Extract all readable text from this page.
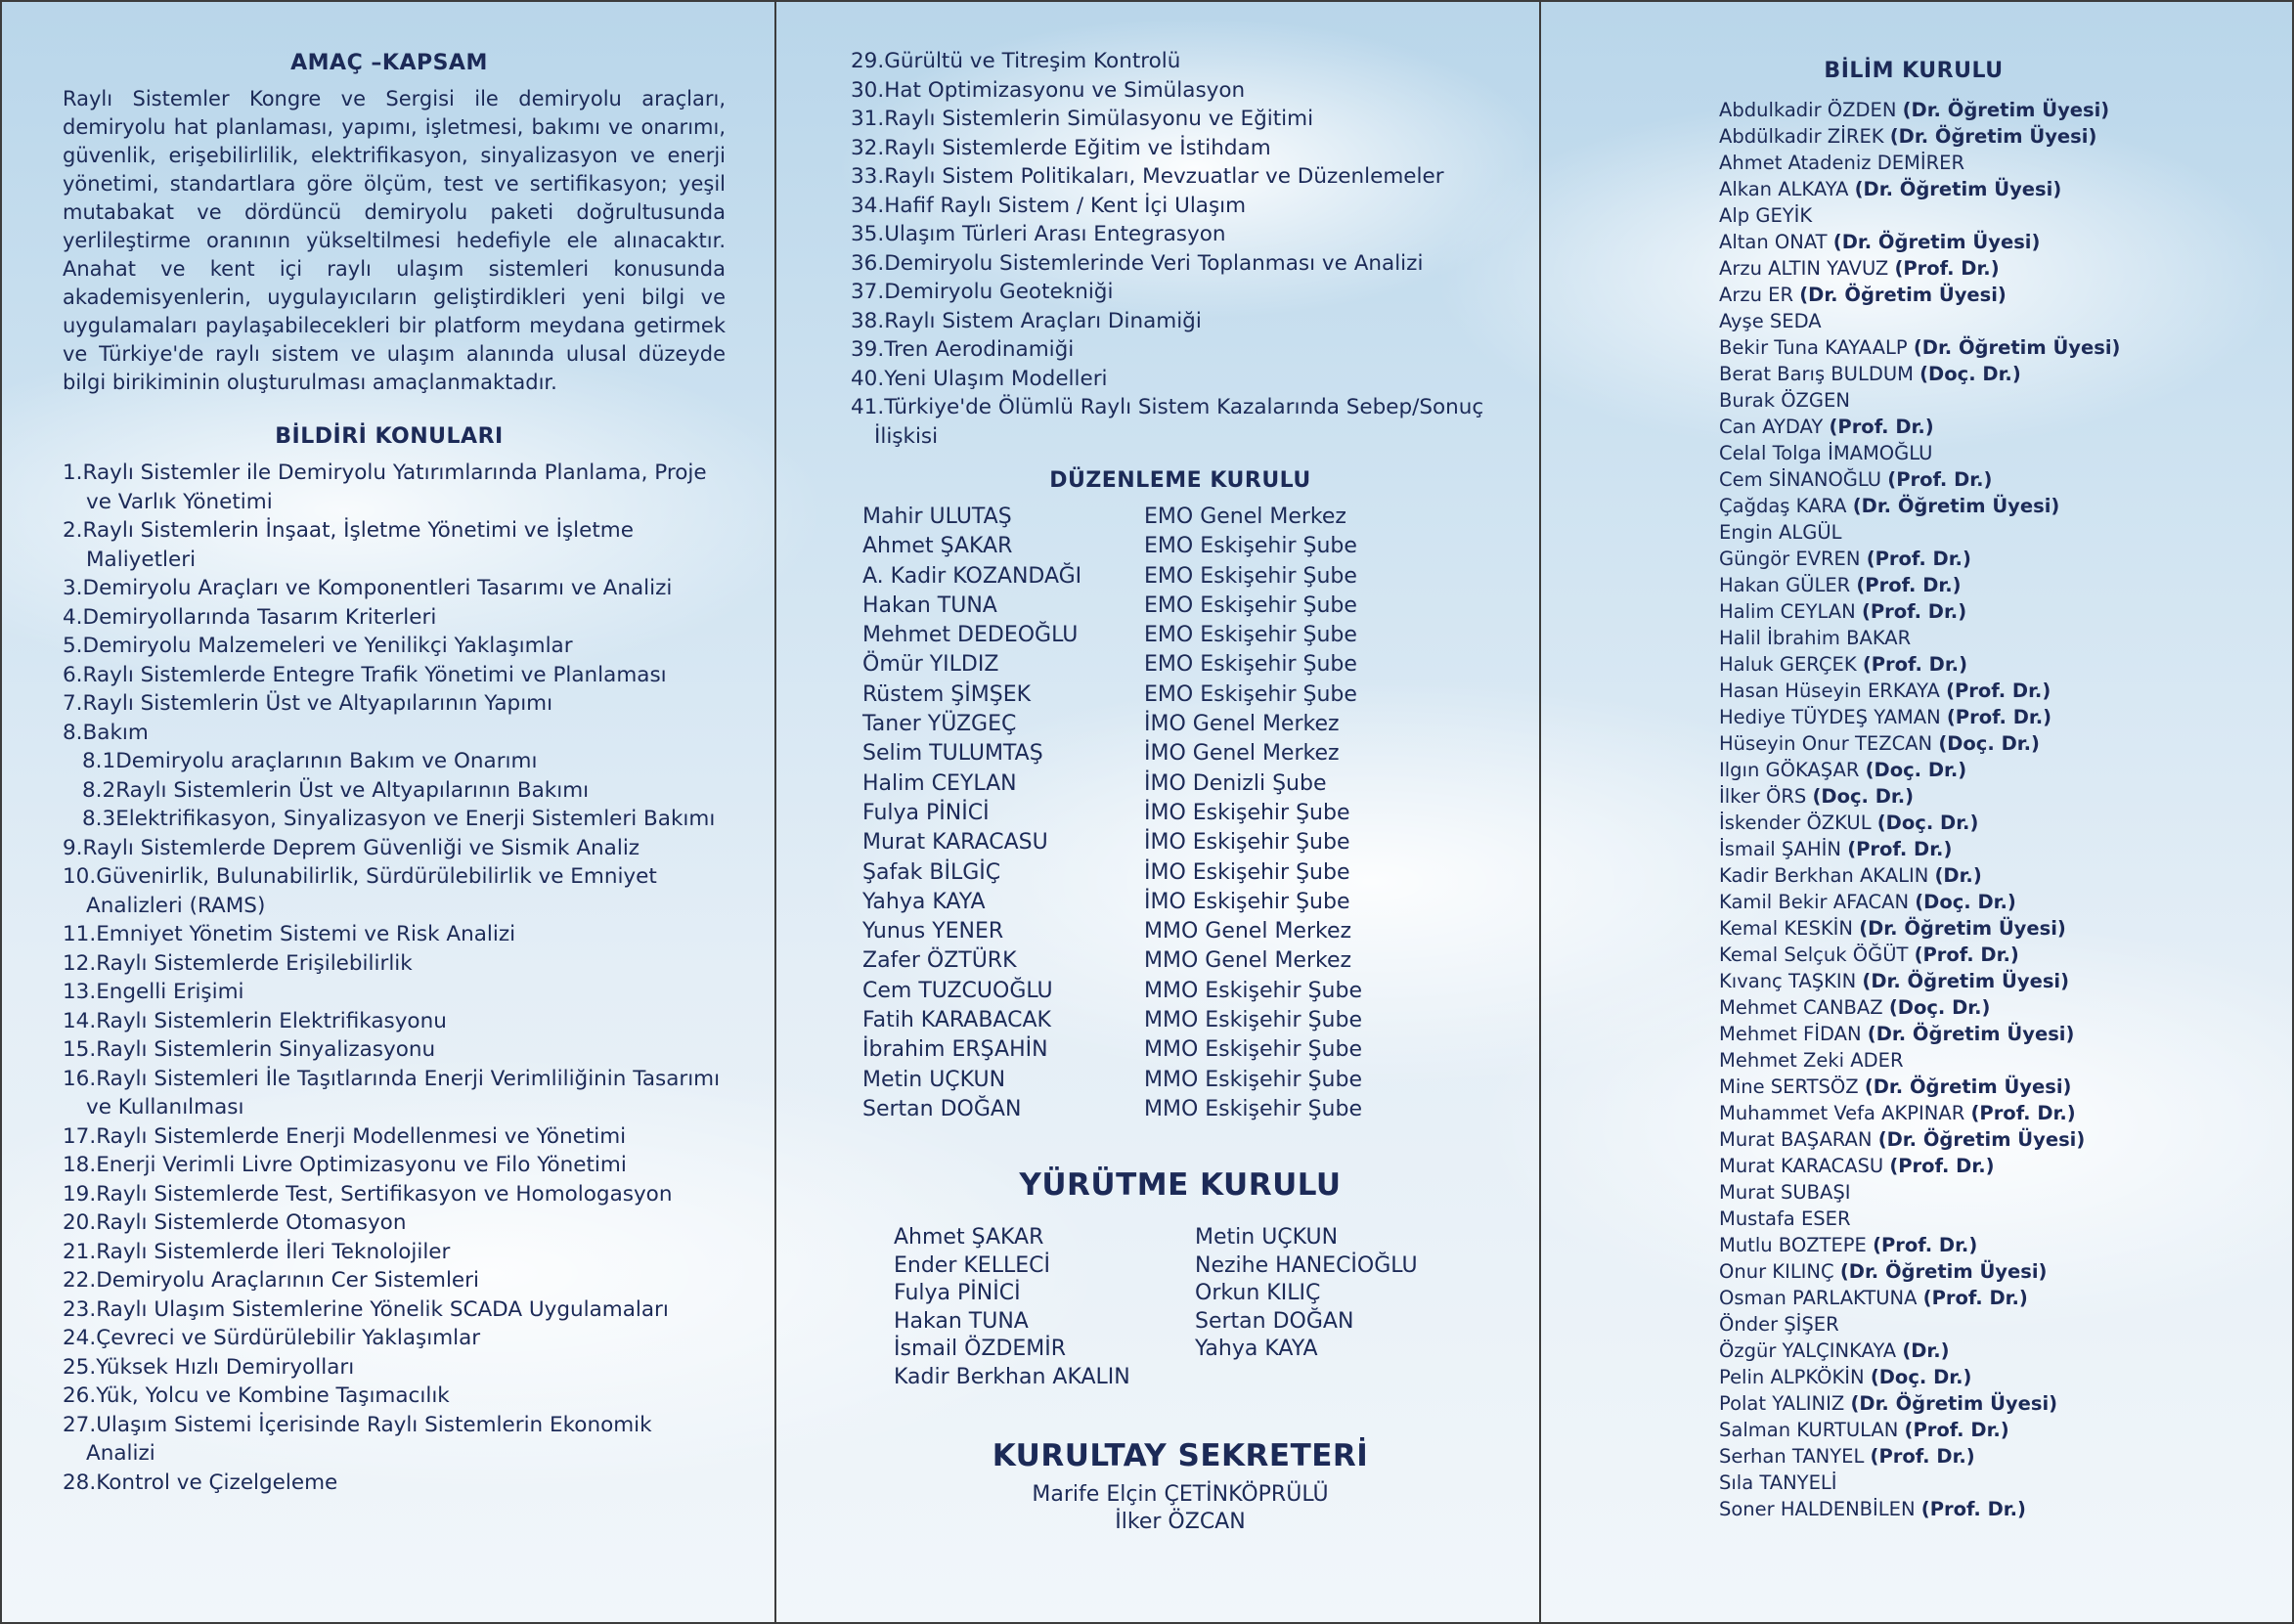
AMAÇ –KAPSAM
Raylı Sistemler Kongre ve Sergisi ile demiryolu araçları, demiryolu hat planlaması, yapımı, işletmesi, bakımı ve onarımı, güvenlik, erişebilirlilik, elektrifikasyon, sinyalizasyon ve enerji yönetimi, standartlara göre ölçüm, test ve sertifikasyon; yeşil mutabakat ve dördüncü demiryolu paketi doğrultusunda yerlileştirme oranının yükseltilmesi hedefiyle ele alınacaktır. Anahat ve kent içi raylı ulaşım sistemleri konusunda akademisyenlerin, uygulayıcıların geliştirdikleri yeni bilgi ve uygulamaları paylaşabilecekleri bir platform meydana getirmek ve Türkiye'de raylı sistem ve ulaşım alanında ulusal düzeyde bilgi birikiminin oluşturulması amaçlanmaktadır.
BİLDİRİ KONULARI
1.Raylı Sistemler ile Demiryolu Yatırımlarında Planlama, Proje ve Varlık Yönetimi
2.Raylı Sistemlerin İnşaat, İşletme Yönetimi ve İşletme Maliyetleri
3.Demiryolu Araçları ve Komponentleri Tasarımı ve Analizi
4.Demiryollarında Tasarım Kriterleri
5.Demiryolu Malzemeleri ve Yenilikçi Yaklaşımlar
6.Raylı Sistemlerde Entegre Trafik Yönetimi ve Planlaması
7.Raylı Sistemlerin Üst ve Altyapılarının Yapımı
8.Bakım
8.1Demiryolu araçlarının Bakım ve Onarımı
8.2Raylı Sistemlerin Üst ve Altyapılarının Bakımı
8.3Elektrifikasyon, Sinyalizasyon ve Enerji Sistemleri Bakımı
9.Raylı Sistemlerde Deprem Güvenliği ve Sismik Analiz
10.Güvenirlik, Bulunabilirlik, Sürdürülebilirlik ve Emniyet Analizleri (RAMS)
11.Emniyet Yönetim Sistemi ve Risk Analizi
12.Raylı Sistemlerde Erişilebilirlik
13.Engelli Erişimi
14.Raylı Sistemlerin Elektrifikasyonu
15.Raylı Sistemlerin Sinyalizasyonu
16.Raylı Sistemleri İle Taşıtlarında Enerji Verimliliğinin Tasarımı ve Kullanılması
17.Raylı Sistemlerde Enerji Modellenmesi ve Yönetimi
18.Enerji Verimli Livre Optimizasyonu ve Filo Yönetimi
19.Raylı Sistemlerde Test, Sertifikasyon ve Homologasyon
20.Raylı Sistemlerde Otomasyon
21.Raylı Sistemlerde İleri Teknolojiler
22.Demiryolu Araçlarının Cer Sistemleri
23.Raylı Ulaşım Sistemlerine Yönelik SCADA Uygulamaları
24.Çevreci ve Sürdürülebilir Yaklaşımlar
25.Yüksek Hızlı Demiryolları
26.Yük, Yolcu ve Kombine Taşımacılık
27.Ulaşım Sistemi İçerisinde Raylı Sistemlerin Ekonomik Analizi
28.Kontrol ve Çizelgeleme
29.Gürültü ve Titreşim Kontrolü
30.Hat Optimizasyonu ve Simülasyon
31.Raylı Sistemlerin Simülasyonu ve Eğitimi
32.Raylı Sistemlerde Eğitim ve İstihdam
33.Raylı Sistem Politikaları, Mevzuatlar ve Düzenlemeler
34.Hafif Raylı Sistem / Kent İçi Ulaşım
35.Ulaşım Türleri Arası Entegrasyon
36.Demiryolu Sistemlerinde Veri Toplanması ve Analizi
37.Demiryolu Geotekniği
38.Raylı Sistem Araçları Dinamiği
39.Tren Aerodinamiği
40.Yeni Ulaşım Modelleri
41.Türkiye'de Ölümlü Raylı Sistem Kazalarında Sebep/Sonuç İlişkisi
DÜZENLEME KURULU
Mahir ULUTAŞ	EMO Genel Merkez
Ahmet ŞAKAR	EMO Eskişehir Şube
A. Kadir KOZANDAĞI	EMO Eskişehir Şube
Hakan TUNA	EMO Eskişehir Şube
Mehmet DEDEOĞLU	EMO Eskişehir Şube
Ömür YILDIZ	EMO Eskişehir Şube
Rüstem ŞİMŞEK	EMO Eskişehir Şube
Taner YÜZGEÇ	İMO Genel Merkez
Selim TULUMTAŞ	İMO Genel Merkez
Halim CEYLAN	İMO Denizli Şube
Fulya PİNİCİ	İMO Eskişehir Şube
Murat KARACASU	İMO Eskişehir Şube
Şafak BİLGİÇ	İMO Eskişehir Şube
Yahya KAYA	İMO Eskişehir Şube
Yunus YENER	MMO Genel Merkez
Zafer ÖZTÜRK	MMO Genel Merkez
Cem TUZCUOĞLU	MMO Eskişehir Şube
Fatih KARABACAK	MMO Eskişehir Şube
İbrahim ERŞAHİN	MMO Eskişehir Şube
Metin UÇKUN	MMO Eskişehir Şube
Sertan DOĞAN	MMO Eskişehir Şube
YÜRÜTME KURULU
Ahmet ŞAKAR
Ender KELLECİ
Fulya PİNİCİ
Hakan TUNA
İsmail ÖZDEMİR
Kadir Berkhan AKALIN
Metin UÇKUN
Nezihe HANECİOĞLU
Orkun KILIÇ
Sertan DOĞAN
Yahya KAYA
KURULTAY SEKRETERİ
Marife Elçin ÇETİNKÖPRÜLÜ
İlker ÖZCAN
BİLİM KURULU
Abdulkadir ÖZDEN (Dr. Öğretim Üyesi)
Abdülkadir ZİREK (Dr. Öğretim Üyesi)
Ahmet Atadeniz DEMİRER
Alkan ALKAYA (Dr. Öğretim Üyesi)
Alp GEYİK
Altan ONAT (Dr. Öğretim Üyesi)
Arzu ALTIN YAVUZ (Prof. Dr.)
Arzu ER (Dr. Öğretim Üyesi)
Ayşe SEDA
Bekir Tuna KAYAALP (Dr. Öğretim Üyesi)
Berat Barış BULDUM (Doç. Dr.)
Burak ÖZGEN
Can AYDAY (Prof. Dr.)
Celal Tolga İMAMOĞLU
Cem SİNANOĞLU (Prof. Dr.)
Çağdaş KARA (Dr. Öğretim Üyesi)
Engin ALGÜL
Güngör EVREN (Prof. Dr.)
Hakan GÜLER (Prof. Dr.)
Halim CEYLAN (Prof. Dr.)
Halil İbrahim BAKAR
Haluk GERÇEK (Prof. Dr.)
Hasan Hüseyin ERKAYA (Prof. Dr.)
Hediye TÜYDEŞ YAMAN (Prof. Dr.)
Hüseyin Onur TEZCAN (Doç. Dr.)
Ilgın GÖKAŞAR (Doç. Dr.)
İlker ÖRS (Doç. Dr.)
İskender ÖZKUL (Doç. Dr.)
İsmail ŞAHİN (Prof. Dr.)
Kadir Berkhan AKALIN (Dr.)
Kamil Bekir AFACAN (Doç. Dr.)
Kemal KESKİN (Dr. Öğretim Üyesi)
Kemal Selçuk ÖĞÜT (Prof. Dr.)
Kıvanç TAŞKIN (Dr. Öğretim Üyesi)
Mehmet CANBAZ (Doç. Dr.)
Mehmet FİDAN (Dr. Öğretim Üyesi)
Mehmet Zeki ADER
Mine SERTSÖZ (Dr. Öğretim Üyesi)
Muhammet Vefa AKPINAR (Prof. Dr.)
Murat BAŞARAN (Dr. Öğretim Üyesi)
Murat KARACASU (Prof. Dr.)
Murat SUBAŞI
Mustafa ESER
Mutlu BOZTEPE (Prof. Dr.)
Onur KILINÇ (Dr. Öğretim Üyesi)
Osman PARLAKTUNA (Prof. Dr.)
Önder ŞİŞER
Özgür YALÇINKAYA (Dr.)
Pelin ALPKÖKİN (Doç. Dr.)
Polat YALINIZ (Dr. Öğretim Üyesi)
Salman KURTULAN (Prof. Dr.)
Serhan TANYEL (Prof. Dr.)
Sıla TANYELİ
Soner HALDENBİLEN (Prof. Dr.)
